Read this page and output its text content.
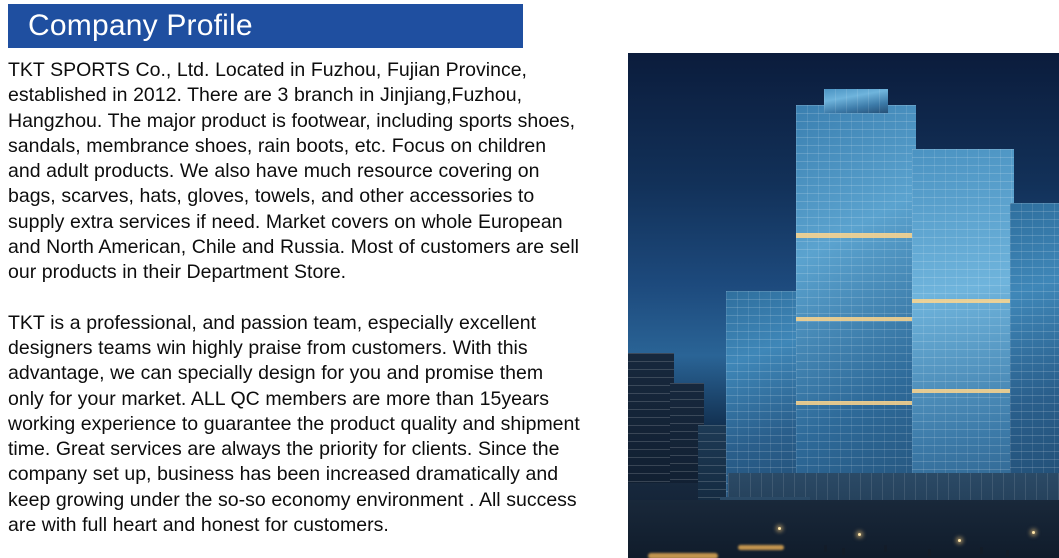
Company Profile

TKT SPORTS Co., Ltd. Located in Fuzhou, Fujian Province, established in 2012. There are 3 branch in Jinjiang,Fuzhou, Hangzhou. The major product is footwear, including sports shoes, sandals, membrance shoes, rain boots, etc. Focus on children and adult products. We also have much resource covering on bags, scarves, hats, gloves, towels, and other accessories to supply extra services if need. Market covers on whole European and North American, Chile and Russia. Most of customers are sell our products in their Department Store.

TKT is a professional, and passion team, especially excellent designers teams win highly praise from customers. With this advantage, we can specially design for you and promise them only for your market. ALL QC members are more than 15years working experience to guarantee the product quality and shipment time. Great services are always the priority for clients. Since the company set up, business has been increased dramatically and keep growing under the so-so economy environment . All success are with full heart and honest for customers.
